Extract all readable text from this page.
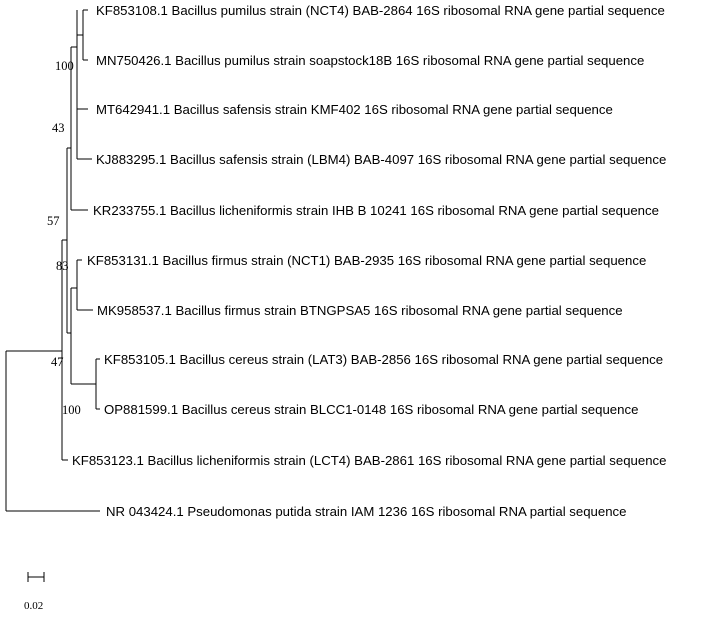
KF853108.1 Bacillus pumilus strain (NCT4) BAB-2864 16S ribosomal RNA gene partial sequence
MN750426.1 Bacillus pumilus strain soapstock18B 16S ribosomal RNA gene partial sequence
MT642941.1 Bacillus safensis strain KMF402 16S ribosomal RNA gene partial sequence
KJ883295.1 Bacillus safensis strain (LBM4) BAB-4097 16S ribosomal RNA gene partial sequence
KR233755.1 Bacillus licheniformis strain IHB B 10241 16S ribosomal RNA gene partial sequence
KF853131.1 Bacillus firmus strain (NCT1) BAB-2935 16S ribosomal RNA gene partial sequence
MK958537.1 Bacillus firmus strain BTNGPSA5 16S ribosomal RNA gene partial sequence
KF853105.1 Bacillus cereus strain (LAT3) BAB-2856 16S ribosomal RNA gene partial sequence
OP881599.1 Bacillus cereus strain BLCC1-0148 16S ribosomal RNA gene partial sequence
KF853123.1 Bacillus licheniformis strain (LCT4) BAB-2861 16S ribosomal RNA gene partial sequence
NR 043424.1 Pseudomonas putida strain IAM 1236 16S ribosomal RNA partial sequence
100
43
57
83
47
100
0.02
